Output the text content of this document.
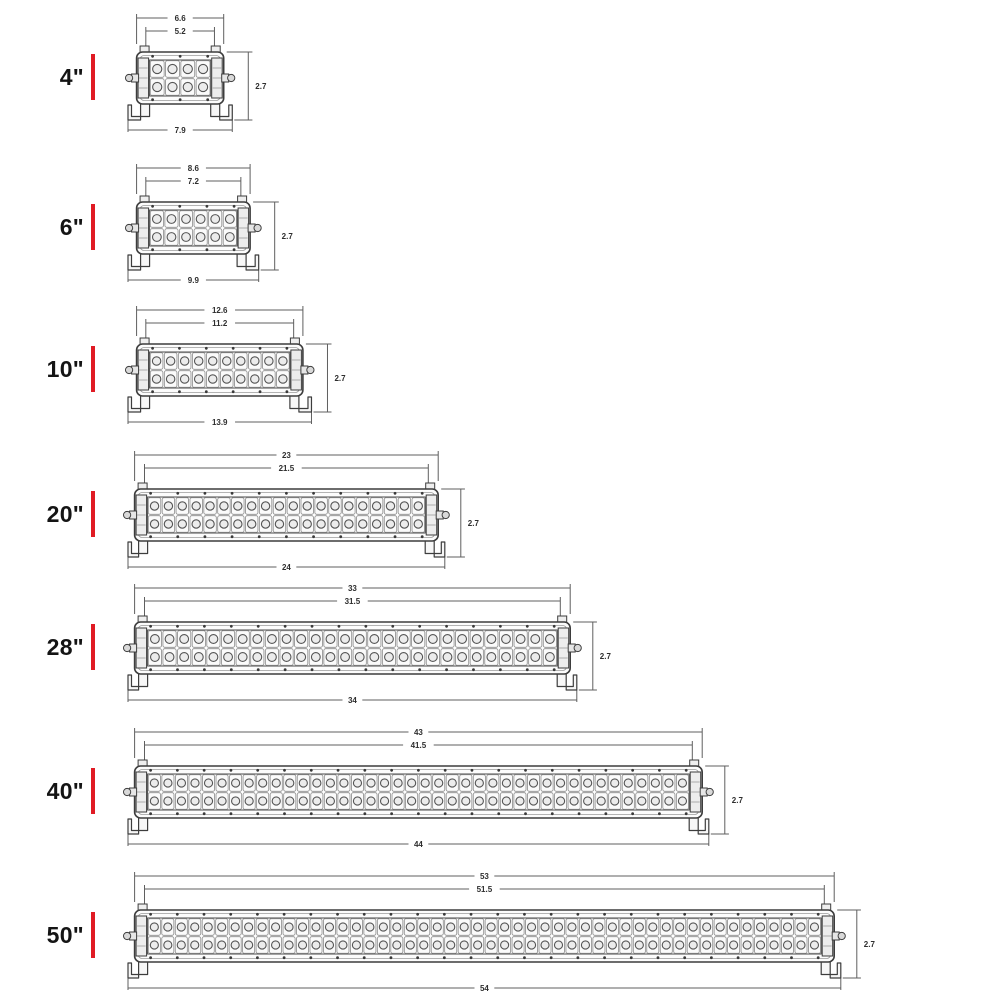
4"
6.6
5.2
7.9
2.7
6"
8.6
7.2
9.9
2.7
10"
12.6
11.2
13.9
2.7
20"
23
21.5
24
2.7
28"
33
31.5
34
2.7
40"
43
41.5
44
2.7
50"
53
51.5
54
2.7
